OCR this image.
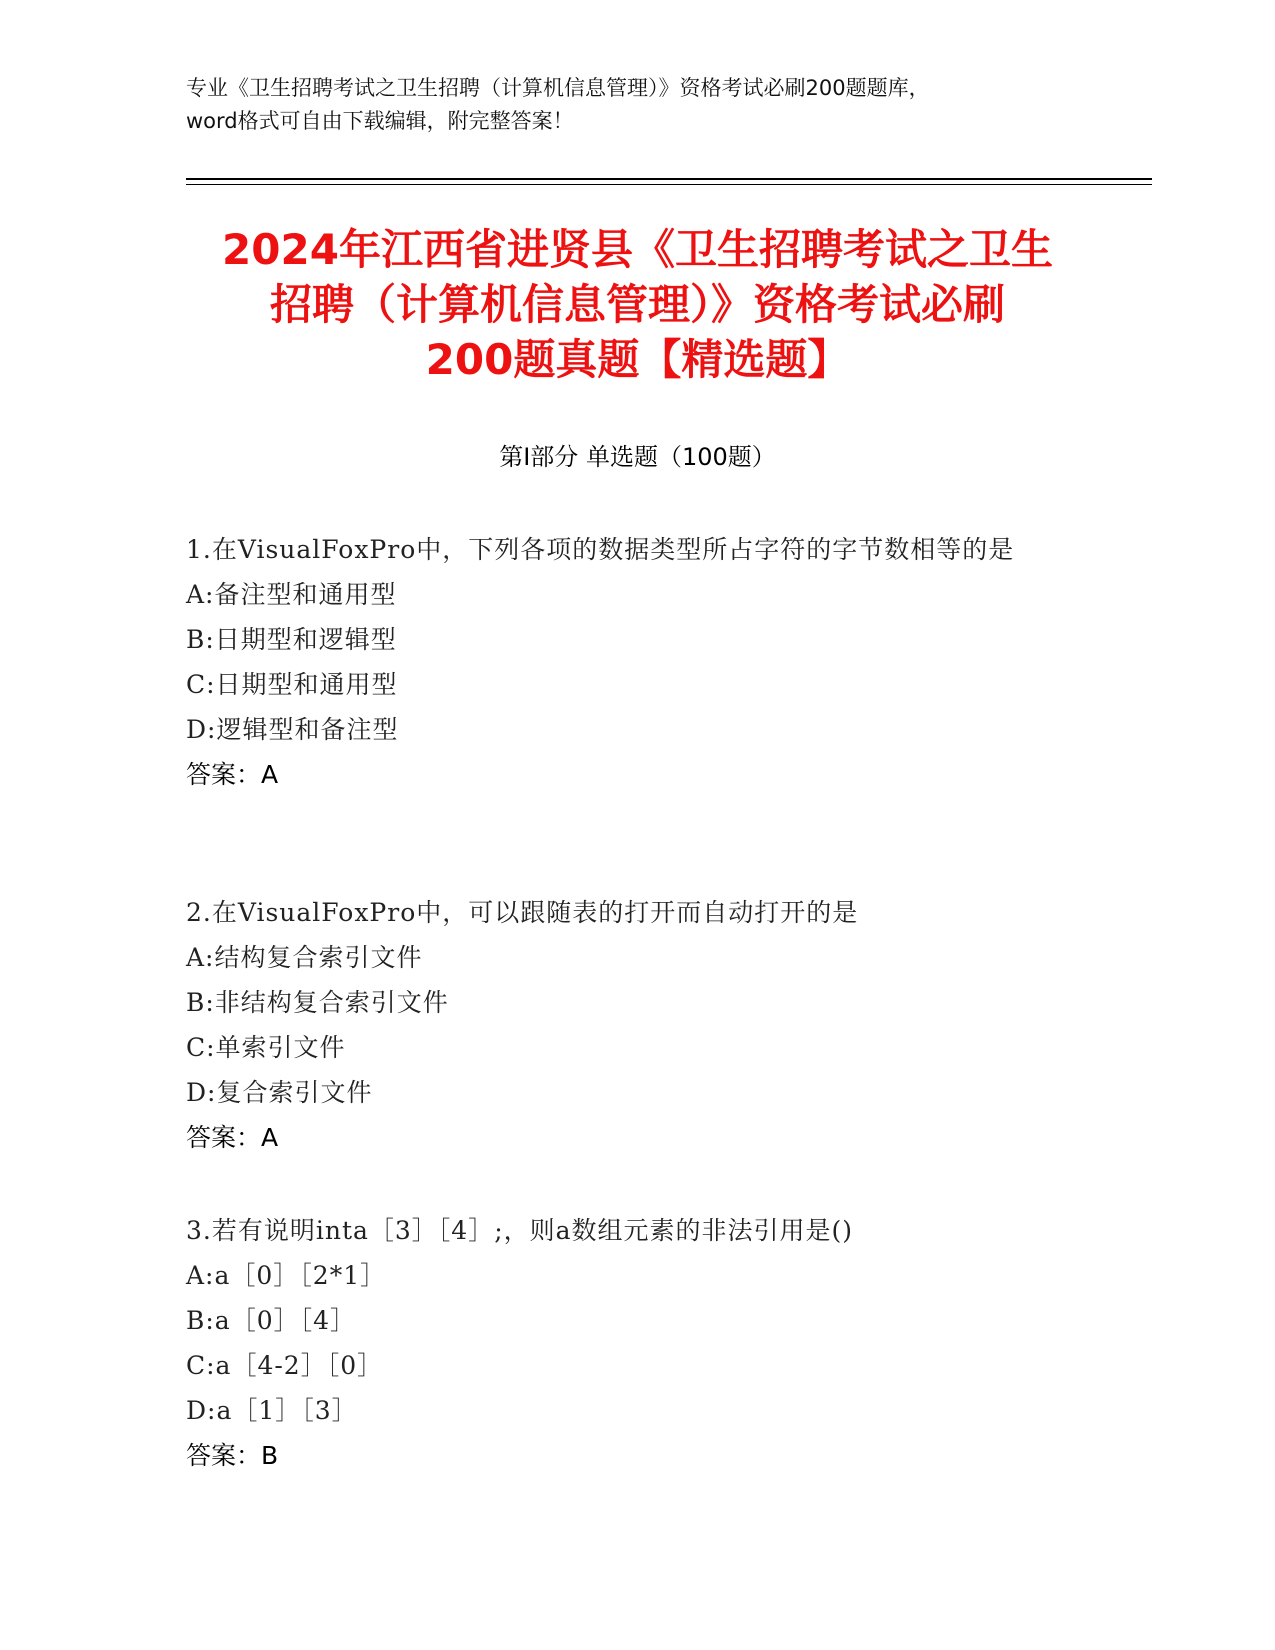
专业《卫生招聘考试之卫生招聘（计算机信息管理）》资格考试必刷200题题库，
word格式可自由下载编辑，附完整答案！
2024年江西省进贤县《卫生招聘考试之卫生
招聘（计算机信息管理）》资格考试必刷
200题真题【精选题】
第Ⅰ部分 单选题（100题）
1.在VisualFoxPro中，下列各项的数据类型所占字符的字节数相等的是
A:备注型和通用型
B:日期型和逻辑型
C:日期型和通用型
D:逻辑型和备注型
答案：A
2.在VisualFoxPro中，可以跟随表的打开而自动打开的是
A:结构复合索引文件
B:非结构复合索引文件
C:单索引文件
D:复合索引文件
答案：A
3.若有说明inta［3］［4］;，则a数组元素的非法引用是()
A:a［0］［2*1］
B:a［0］［4］
C:a［4-2］［0］
D:a［1］［3］
答案：B
